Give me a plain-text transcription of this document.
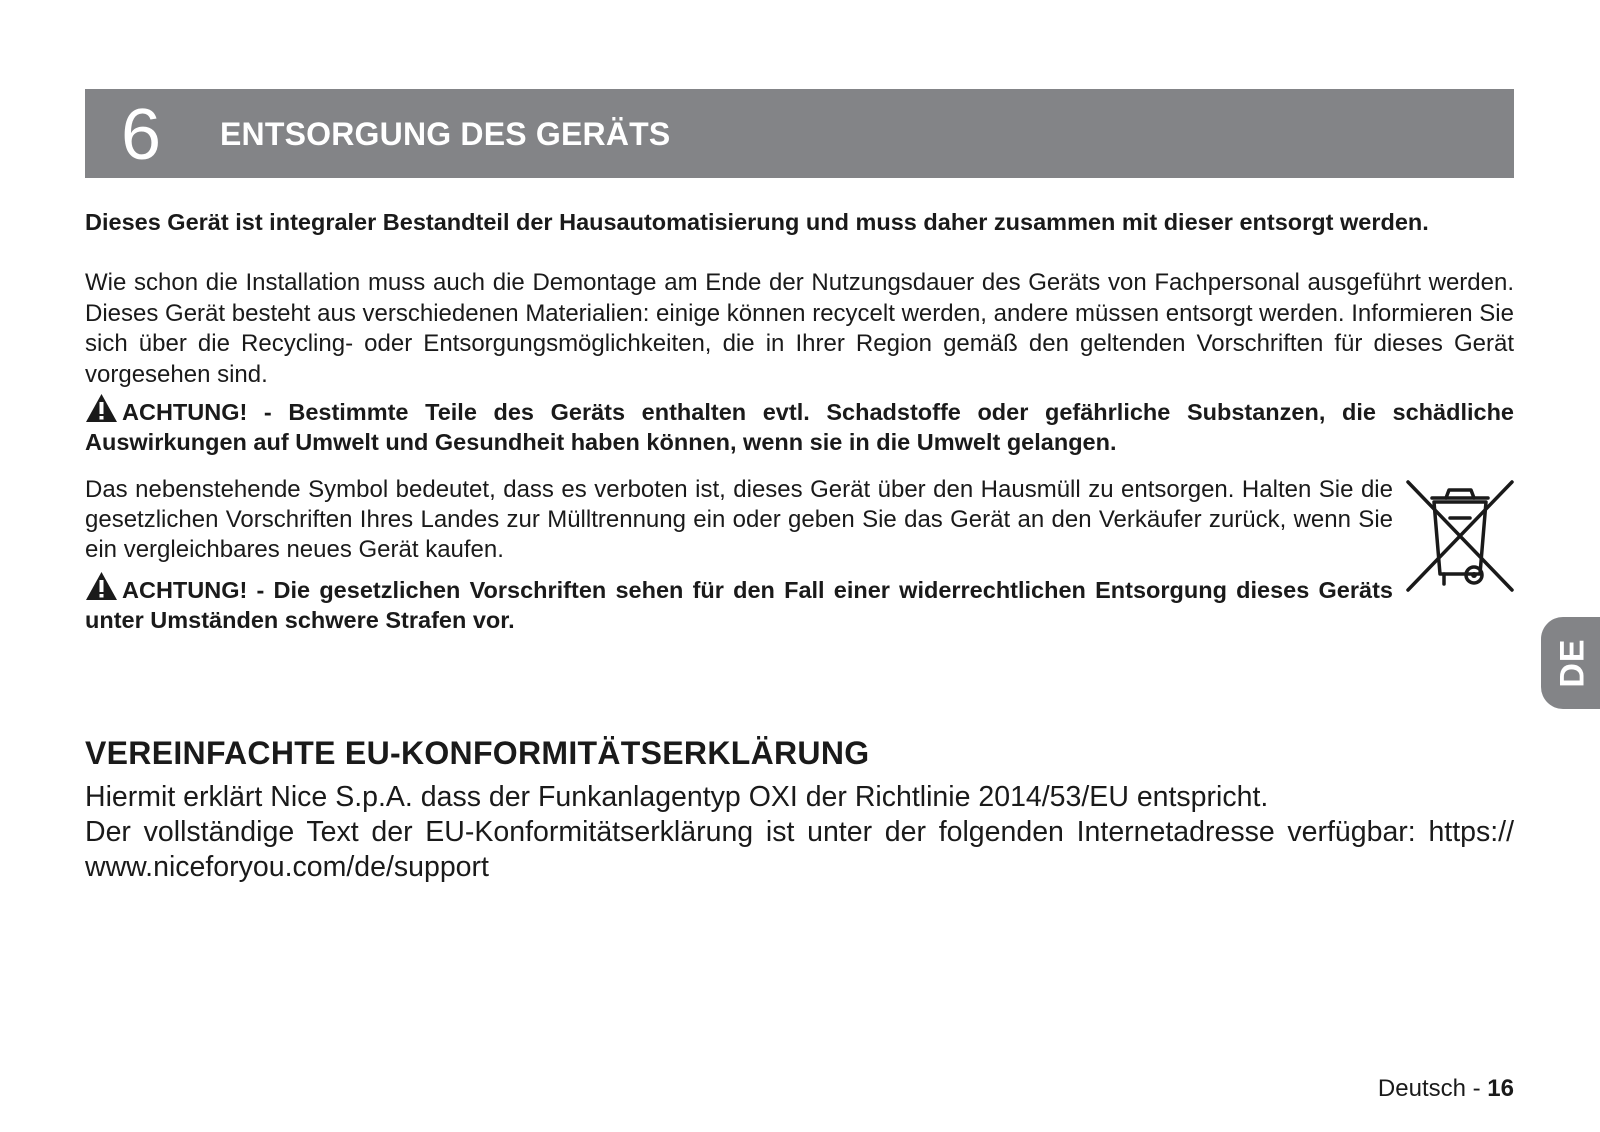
6 ENTSORGUNG DES GERÄTS

Dieses Gerät ist integraler Bestandteil der Hausautomatisierung und muss daher zusammen mit dieser entsorgt werden.

Wie schon die Installation muss auch die Demontage am Ende der Nutzungsdauer des Geräts von Fachpersonal ausgeführt werden. Dieses Gerät besteht aus verschiedenen Materialien: einige können recycelt werden, andere müssen entsorgt werden. Informieren Sie sich über die Recycling- oder Entsorgungsmöglichkeiten, die in Ihrer Region gemäß den geltenden Vorschriften für dieses Gerät vorgesehen sind.

ACHTUNG! - Bestimmte Teile des Geräts enthalten evtl. Schadstoffe oder gefährliche Substanzen, die schädliche Auswirkungen auf Umwelt und Gesundheit haben können, wenn sie in die Umwelt gelangen.

Das nebenstehende Symbol bedeutet, dass es verboten ist, dieses Gerät über den Hausmüll zu entsorgen. Halten Sie die gesetzlichen Vorschriften Ihres Landes zur Mülltrennung ein oder geben Sie das Gerät an den Verkäufer zurück, wenn Sie ein vergleichbares neues Gerät kaufen.

ACHTUNG! - Die gesetzlichen Vorschriften sehen für den Fall einer widerrechtlichen Entsorgung dieses Geräts unter Umständen schwere Strafen vor.

DE
VEREINFACHTE EU-KONFORMITÄTSERKLÄRUNG

Hiermit erklärt Nice S.p.A. dass der Funkanlagentyp OXI der Richtlinie 2014/53/EU entspricht.

Der vollständige Text der EU-Konformitätserklärung ist unter der folgenden Internetadresse verfügbar: https:// www.niceforyou.com/de/support

Deutsch - 16
